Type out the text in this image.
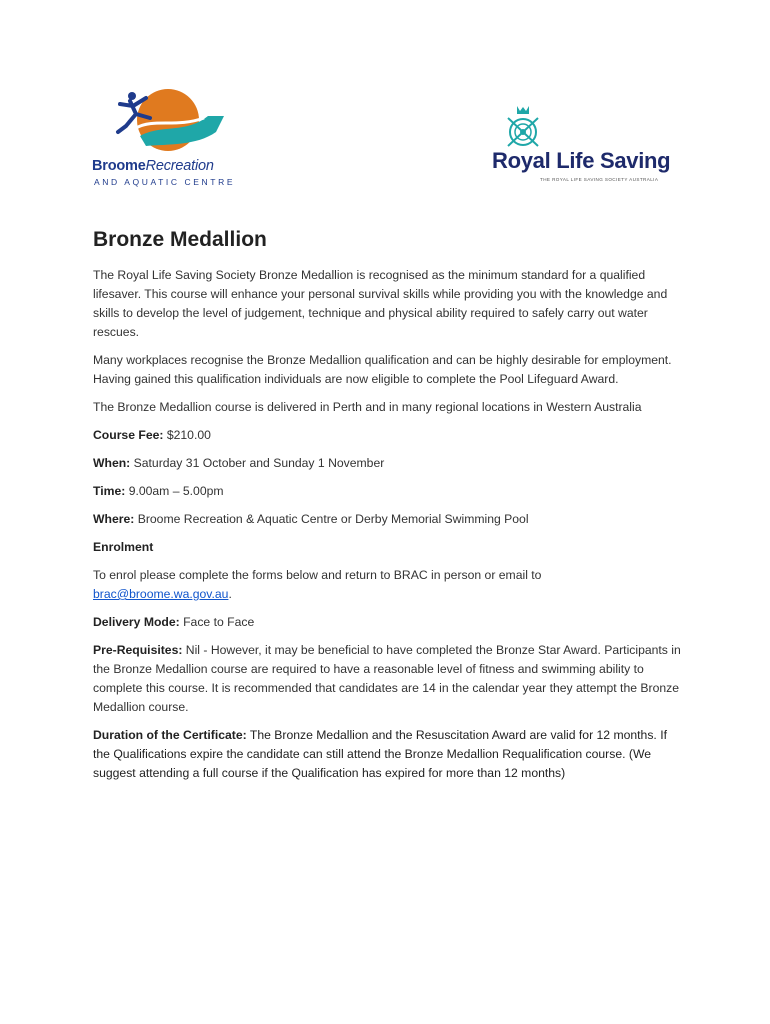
BroomeRecreation
AND AQUATIC CENTRE
Royal Life Saving
THE ROYAL LIFE SAVING SOCIETY AUSTRALIA
Bronze Medallion

The Royal Life Saving Society Bronze Medallion is recognised as the minimum standard for a qualified lifesaver. This course will enhance your personal survival skills while providing you with the knowledge and skills to develop the level of judgement, technique and physical ability required to safely carry out water rescues.

Many workplaces recognise the Bronze Medallion qualification and can be highly desirable for employment. Having gained this qualification individuals are now eligible to complete the Pool Lifeguard Award.

The Bronze Medallion course is delivered in Perth and in many regional locations in Western Australia

Course Fee: $210.00

When: Saturday 31 October and Sunday 1 November

Time: 9.00am – 5.00pm

Where: Broome Recreation & Aquatic Centre or Derby Memorial Swimming Pool

Enrolment

To enrol please complete the forms below and return to BRAC in person or email to brac@broome.wa.gov.au.

Delivery Mode: Face to Face

Pre-Requisites: Nil - However, it may be beneficial to have completed the Bronze Star Award. Participants in the Bronze Medallion course are required to have a reasonable level of fitness and swimming ability to complete this course. It is recommended that candidates are 14 in the calendar year they attempt the Bronze Medallion course.

Duration of the Certificate: The Bronze Medallion and the Resuscitation Award are valid for 12 months. If the Qualifications expire the candidate can still attend the Bronze Medallion Requalification course. (We suggest attending a full course if the Qualification has expired for more than 12 months)
